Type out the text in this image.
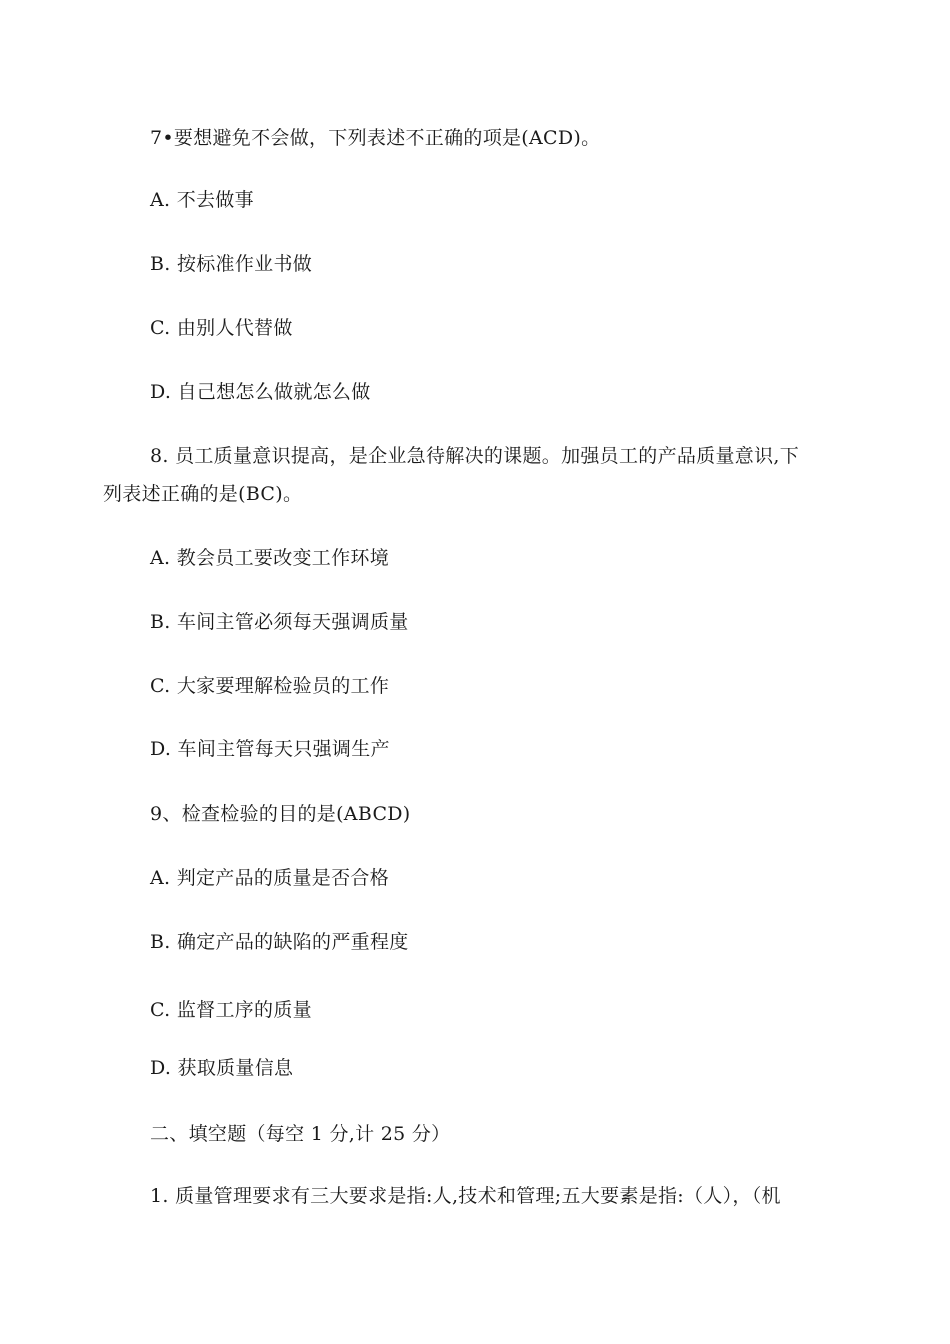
7•要想避免不会做，下列表述不正确的项是(ACD)。
A. 不去做事
B. 按标准作业书做
C. 由别人代替做
D. 自己想怎么做就怎么做
8. 员工质量意识提高，是企业急待解决的课题。加强员工的产品质量意识,下
列表述正确的是(BC)。
A. 教会员工要改变工作环境
B. 车间主管必须每天强调质量
C. 大家要理解检验员的工作
D. 车间主管每天只强调生产
9、检查检验的目的是(ABCD)
A. 判定产品的质量是否合格
B. 确定产品的缺陷的严重程度
C. 监督工序的质量
D. 获取质量信息
二、填空题（每空 1 分,计 25 分）
1. 质量管理要求有三大要求是指:人,技术和管理;五大要素是指:（人），（机
